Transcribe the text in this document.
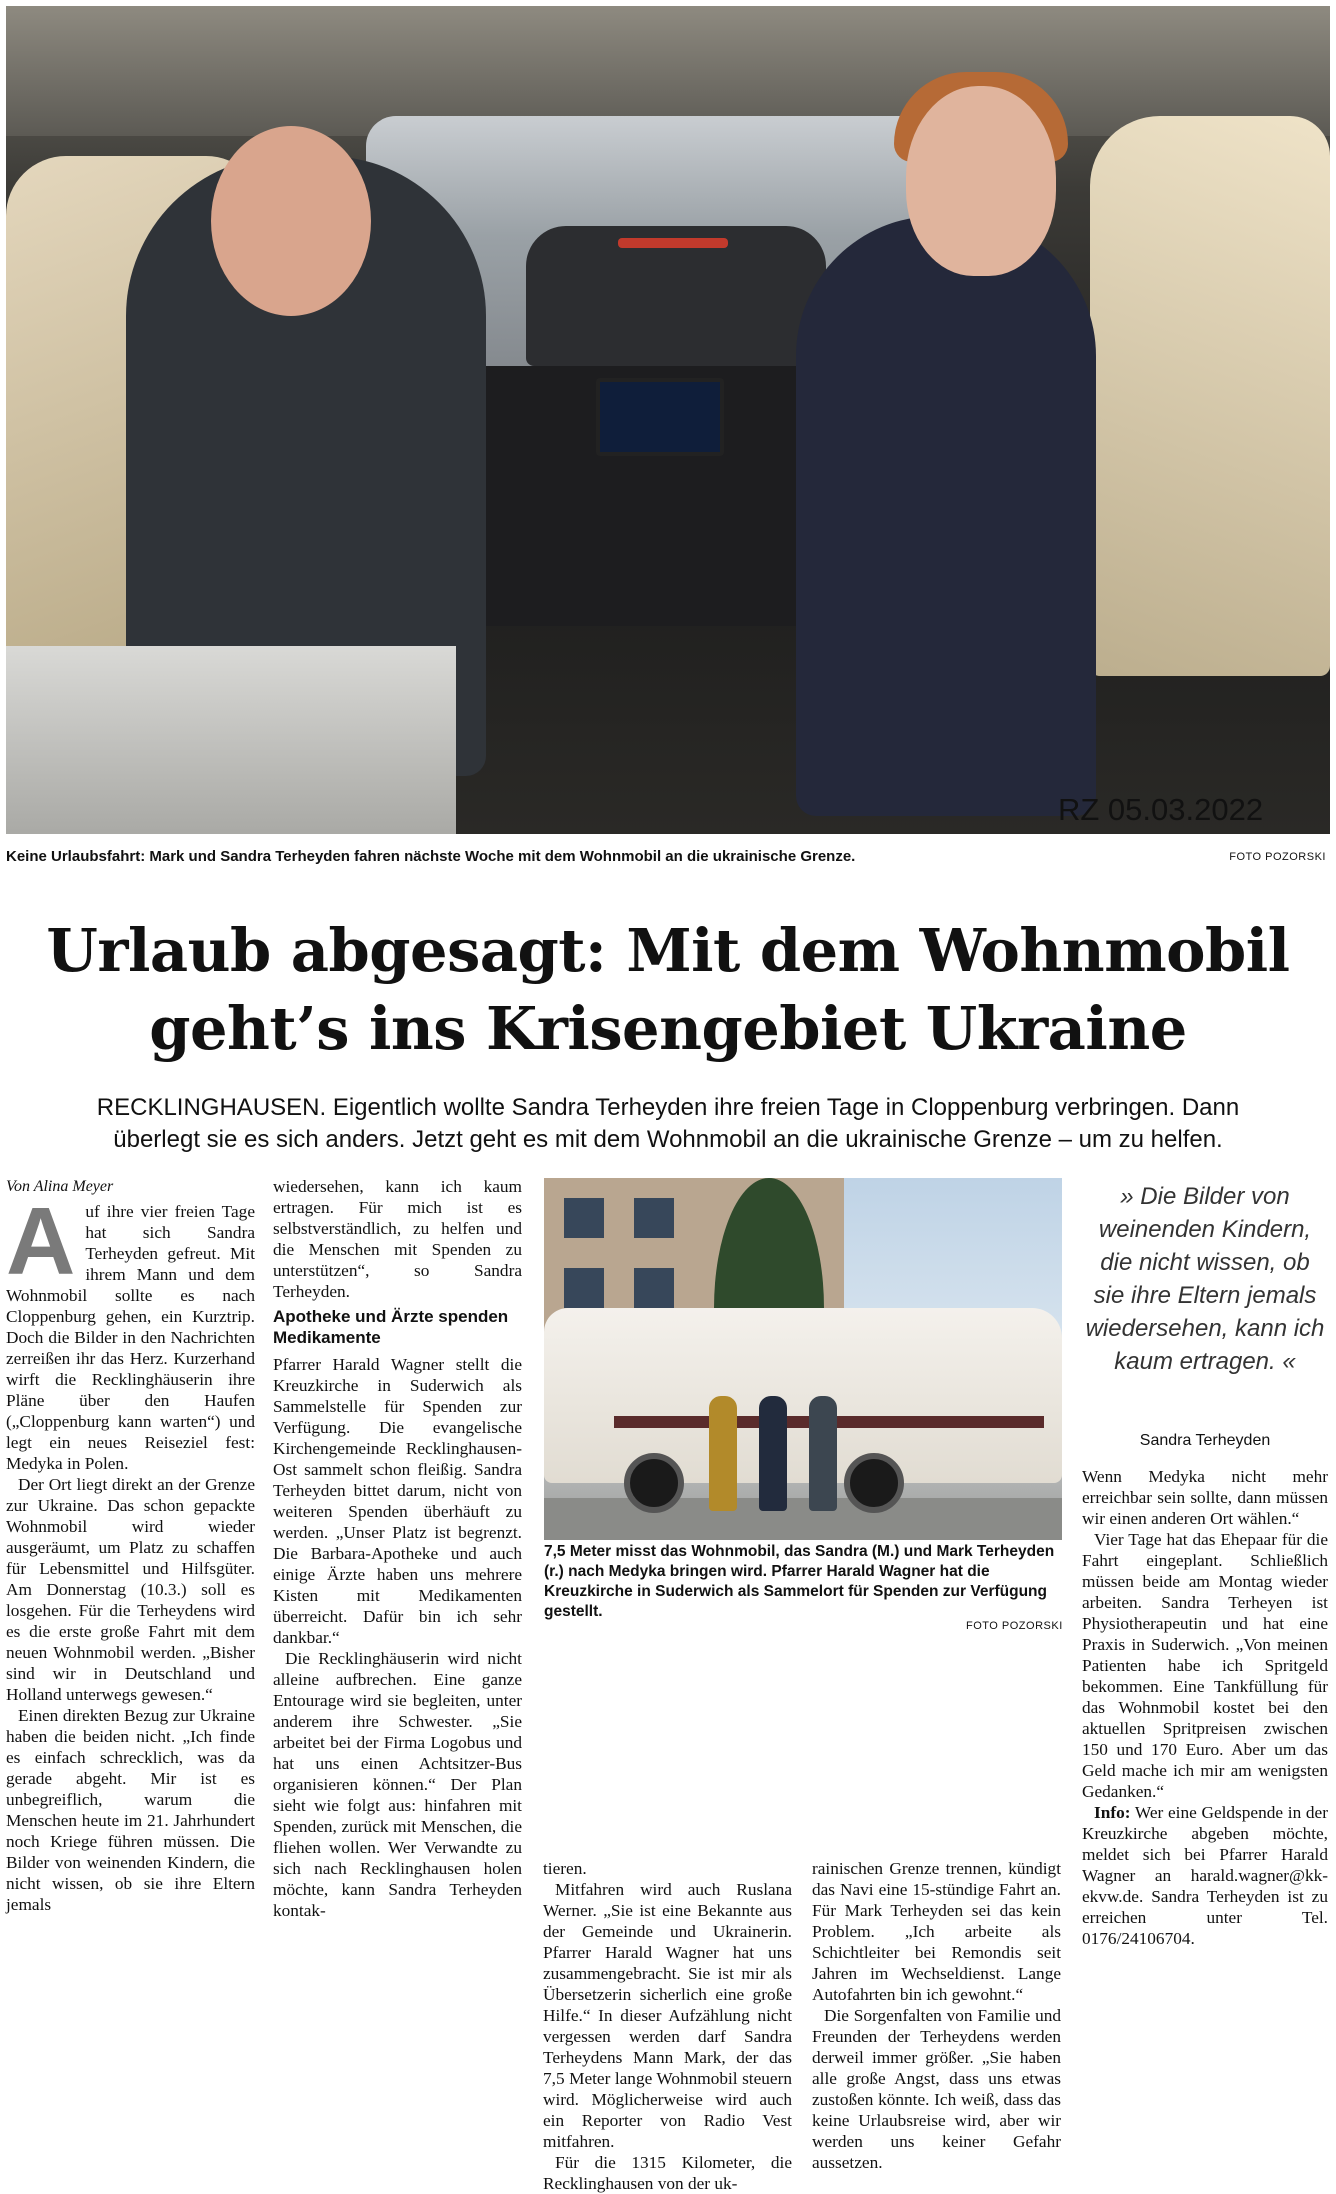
RZ 05.03.2022
Keine Urlaubsfahrt: Mark und Sandra Terheyden fahren nächste Woche mit dem Wohnmobil an die ukrainische Grenze.	FOTO POZORSKI
Urlaub abgesagt: Mit dem Wohnmobil
geht’s ins Krisengebiet Ukraine
RECKLINGHAUSEN. Eigentlich wollte Sandra Terheyden ihre freien Tage in Cloppenburg verbringen. Dann
überlegt sie es sich anders. Jetzt geht es mit dem Wohnmobil an die ukrainische Grenze – um zu helfen.

Von Alina Meyer

Auf ihre vier freien Tage hat sich Sandra Terheyden gefreut. Mit ihrem Mann und dem Wohnmobil sollte es nach Cloppenburg gehen, ein Kurztrip. Doch die Bilder in den Nachrichten zerreißen ihr das Herz. Kurzerhand wirft die Recklinghäuserin ihre Pläne über den Haufen („Cloppenburg kann warten“) und legt ein neues Reiseziel fest: Medyka in Polen.

Der Ort liegt direkt an der Grenze zur Ukraine. Das schon gepackte Wohnmobil wird wieder ausgeräumt, um Platz zu schaffen für Lebensmittel und Hilfsgüter. Am Donnerstag (10.3.) soll es losgehen. Für die Terheydens wird es die erste große Fahrt mit dem neuen Wohnmobil werden. „Bisher sind wir in Deutschland und Holland unterwegs gewesen.“

Einen direkten Bezug zur Ukraine haben die beiden nicht. „Ich finde es einfach schrecklich, was da gerade abgeht. Mir ist es unbegreiflich, warum die Menschen heute im 21. Jahrhundert noch Kriege führen müssen. Die Bilder von weinenden Kindern, die nicht wissen, ob sie ihre Eltern jemals

wiedersehen, kann ich kaum ertragen. Für mich ist es selbstverständlich, zu helfen und die Menschen mit Spenden zu unterstützen“, so Sandra Terheyden.

Apotheke und Ärzte spenden Medikamente

Pfarrer Harald Wagner stellt die Kreuzkirche in Suderwich als Sammelstelle für Spenden zur Verfügung. Die evangelische Kirchengemeinde Recklinghausen-Ost sammelt schon fleißig. Sandra Terheyden bittet darum, nicht von weiteren Spenden überhäuft zu werden. „Unser Platz ist begrenzt. Die Barbara-Apotheke und auch einige Ärzte haben uns mehrere Kisten mit Medikamenten überreicht. Dafür bin ich sehr dankbar.“

Die Recklinghäuserin wird nicht alleine aufbrechen. Eine ganze Entourage wird sie begleiten, unter anderem ihre Schwester. „Sie arbeitet bei der Firma Logobus und hat uns einen Achtsitzer-Bus organisieren können.“ Der Plan sieht wie folgt aus: hinfahren mit Spenden, zurück mit Menschen, die fliehen wollen. Wer Verwandte zu sich nach Recklinghausen holen möchte, kann Sandra Terheyden kontak-

7,5 Meter misst das Wohnmobil, das Sandra (M.) und Mark Terheyden (r.) nach Medyka bringen wird. Pfarrer Harald Wagner hat die Kreuzkirche in Suderwich als Sammelort für Spenden zur Verfügung gestellt.
FOTO POZORSKI

tieren.

Mitfahren wird auch Ruslana Werner. „Sie ist eine Bekannte aus der Gemeinde und Ukrainerin. Pfarrer Harald Wagner hat uns zusammengebracht. Sie ist mir als Übersetzerin sicherlich eine große Hilfe.“ In dieser Aufzählung nicht vergessen werden darf Sandra Terheydens Mann Mark, der das 7,5 Meter lange Wohnmobil steuern wird. Möglicherweise wird auch ein Reporter von Radio Vest mitfahren.

Für die 1315 Kilometer, die Recklinghausen von der uk-

rainischen Grenze trennen, kündigt das Navi eine 15-stündige Fahrt an. Für Mark Terheyden sei das kein Problem. „Ich arbeite als Schichtleiter bei Remondis seit Jahren im Wechseldienst. Lange Autofahrten bin ich gewohnt.“

Die Sorgenfalten von Familie und Freunden der Terheydens werden derweil immer größer. „Sie haben alle große Angst, dass uns etwas zustoßen könnte. Ich weiß, dass das keine Urlaubsreise wird, aber wir werden uns keiner Gefahr aussetzen.

» Die Bilder von weinenden Kindern, die nicht wissen, ob sie ihre Eltern jemals wiedersehen, kann ich kaum ertragen. «
Sandra Terheyden

Wenn Medyka nicht mehr erreichbar sein sollte, dann müssen wir einen anderen Ort wählen.“

Vier Tage hat das Ehepaar für die Fahrt eingeplant. Schließlich müssen beide am Montag wieder arbeiten. Sandra Terheyen ist Physiotherapeutin und hat eine Praxis in Suderwich. „Von meinen Patienten habe ich Spritgeld bekommen. Eine Tankfüllung für das Wohnmobil kostet bei den aktuellen Spritpreisen zwischen 150 und 170 Euro. Aber um das Geld mache ich mir am wenigsten Gedanken.“

Info: Wer eine Geldspende in der Kreuzkirche abgeben möchte, meldet sich bei Pfarrer Harald Wagner an harald.wagner@kk-ekvw.de. Sandra Terheyden ist zu erreichen unter Tel. 0176/24106704.
